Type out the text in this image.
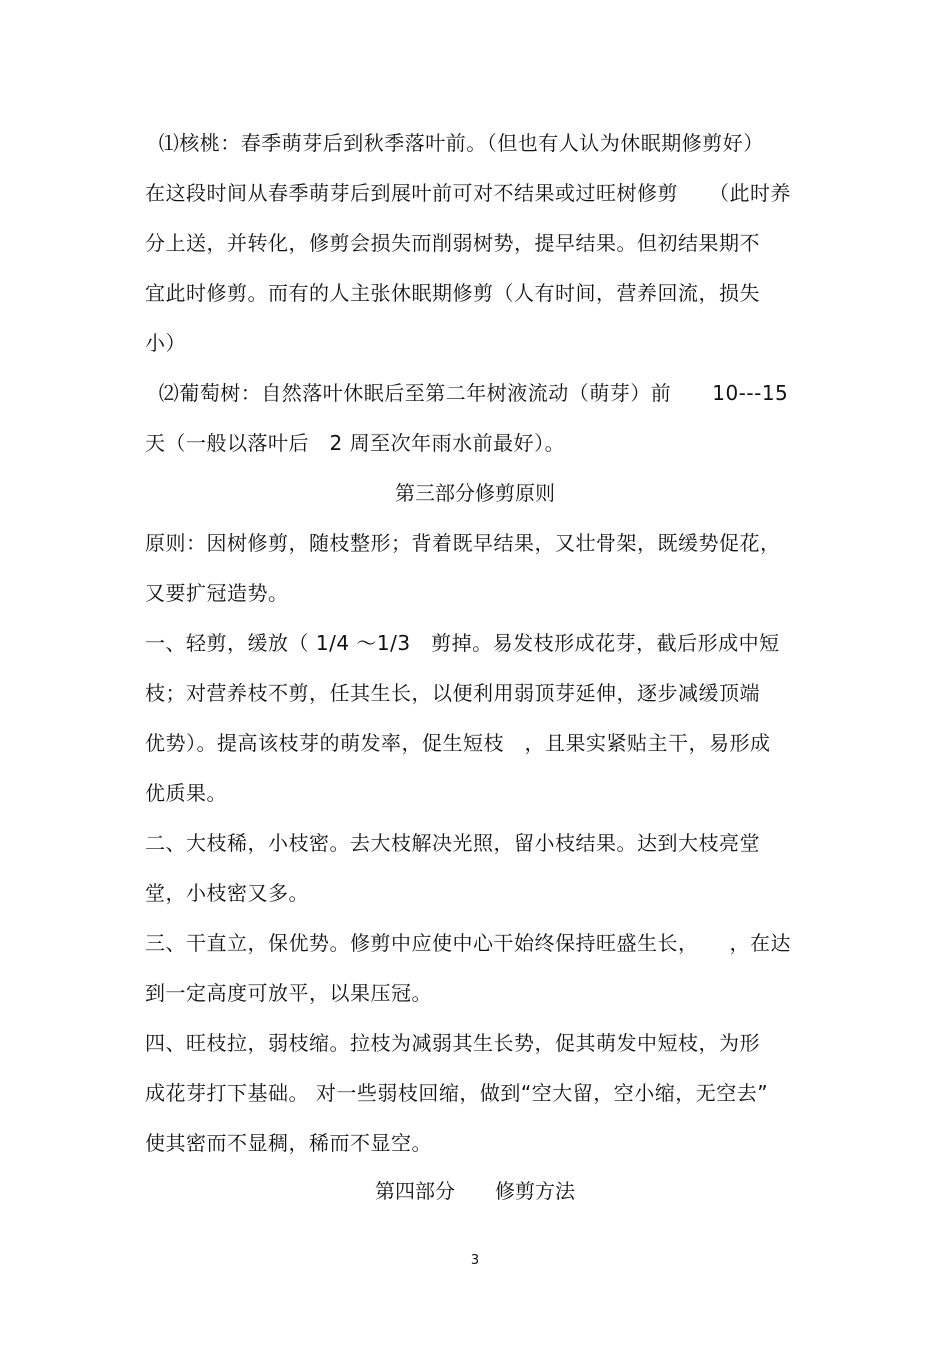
⑴核桃：春季萌芽后到秋季落叶前。（但也有人认为休眠期修剪好）
在这段时间从春季萌芽后到展叶前可对不结果或过旺树修剪　　（此时养
分上送，并转化，修剪会损失而削弱树势，提早结果。但初结果期不
宜此时修剪。而有的人主张休眠期修剪（人有时间，营养回流，损失
小）
⑵葡萄树：自然落叶休眠后至第二年树液流动（萌芽）前　　10---15
天（一般以落叶后　2 周至次年雨水前最好）。
第三部分修剪原则
原则：因树修剪，随枝整形；背着既早结果，又壮骨架，既缓势促花，
又要扩冠造势。
一、轻剪，缓放（ 1/4 ～1/3　剪掉。易发枝形成花芽，截后形成中短
枝；对营养枝不剪，任其生长，以便利用弱顶芽延伸，逐步减缓顶端
优势）。提高该枝芽的萌发率，促生短枝　，且果实紧贴主干，易形成
优质果。
二、大枝稀，小枝密。去大枝解决光照，留小枝结果。达到大枝亮堂
堂，小枝密又多。
三、干直立，保优势。修剪中应使中心干始终保持旺盛生长，　　，在达
到一定高度可放平，以果压冠。
四、旺枝拉，弱枝缩。拉枝为减弱其生长势，促其萌发中短枝，为形
成花芽打下基础。 对一些弱枝回缩，做到“空大留，空小缩，无空去”
使其密而不显稠，稀而不显空。
第四部分　　修剪方法
3
